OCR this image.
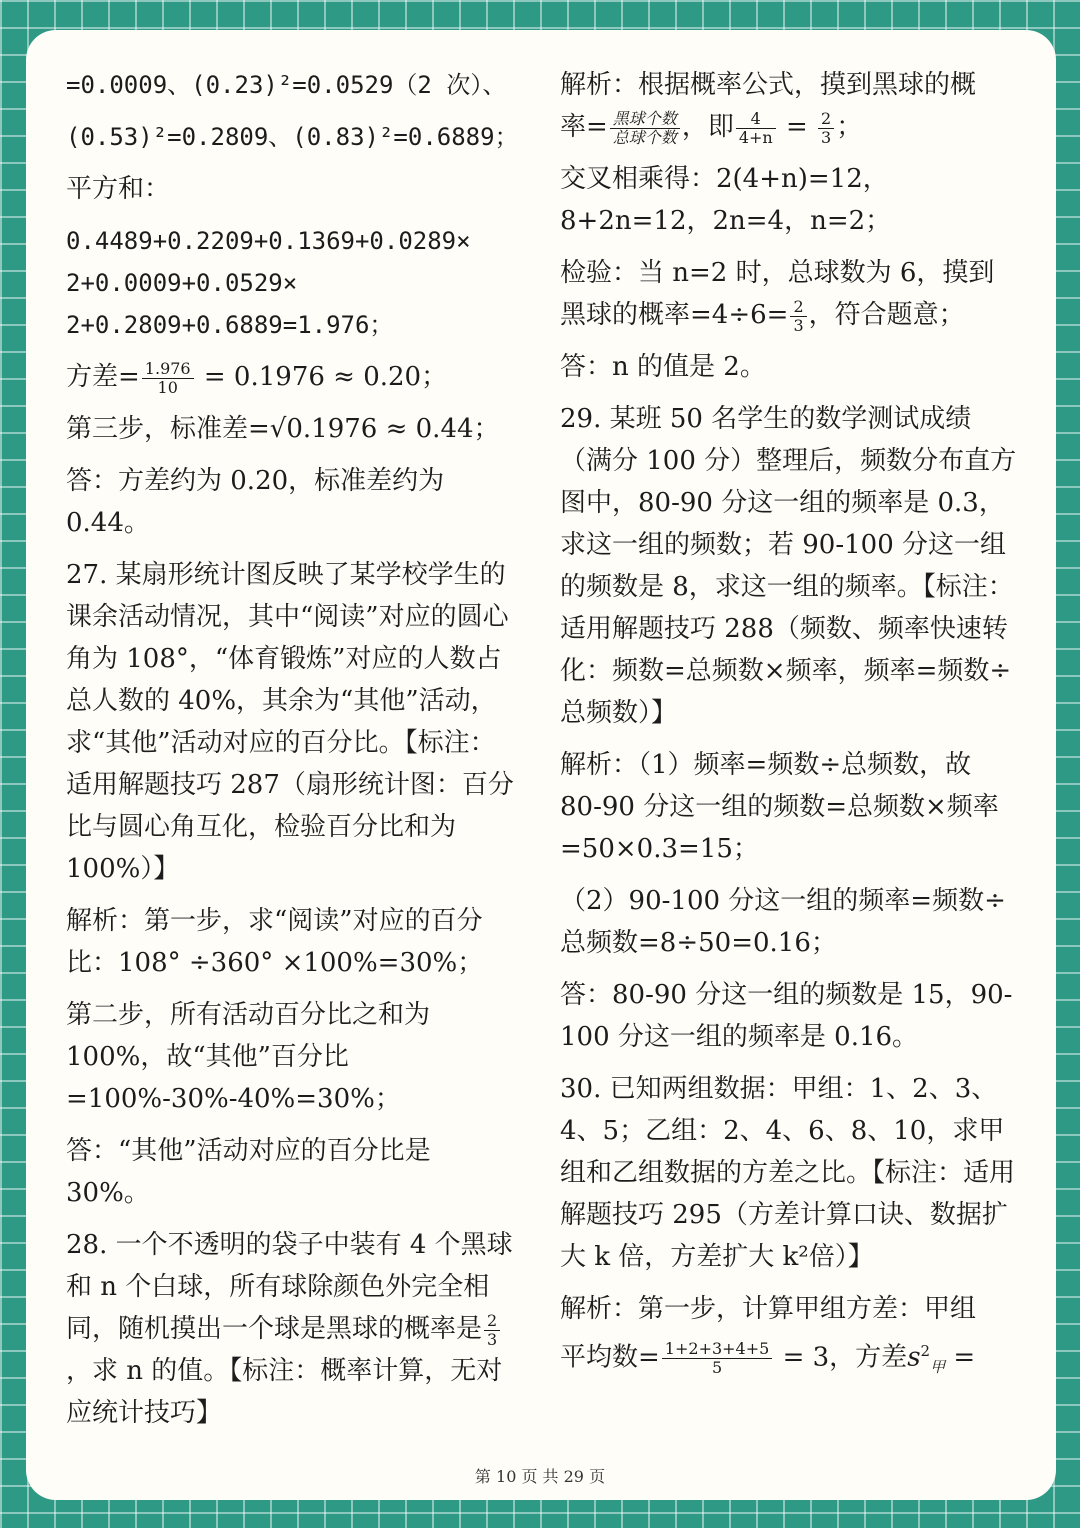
=0.0009、(0.23)²=0.0529（2 次）、

(0.53)²=0.2809、(0.83)²=0.6889；

平方和：

0.4489+0.2209+0.1369+0.0289×

2+0.0009+0.0529×

2+0.2809+0.6889=1.976；

方差= $\frac{1.976}{10} = 0.1976 \approx 0.20$；

第三步，标准差=√0.1976 ≈ 0.44；

答：方差约为 0.20，标准差约为 0.44。

27. 某扇形统计图反映了某学校学生的课余活动情况，其中“阅读”对应的圆心角为 108°，“体育锻炼”对应的人数占总人数的 40%，其余为“其他”活动，求“其他”活动对应的百分比。【标注：适用解题技巧 287（扇形统计图：百分比与圆心角互化，检验百分比和为 100%）】

解析：第一步，求“阅读”对应的百分比：108° ÷360° ×100%=30%；

第二步，所有活动百分比之和为 100%，故“其他”百分比=100%-30%-40%=30%；

答：“其他”活动对应的百分比是 30%。

28. 一个不透明的袋子中装有 4 个黑球和 n 个白球，所有球除颜色外完全相同，随机摸出一个球是黑球的概率是 $\frac{2}{3}$
，求 n 的值。【标注：概率计算，无对应统计技巧】

解析：根据概率公式，摸到黑球的概

率= $\frac{\text{黑球个数}}{\text{总球个数}}$ ，即 $\frac{4}{4+n} = \frac{2}{3}$ ；

交叉相乘得：2(4+n)=12，8+2n=12，2n=4，n=2；

检验：当 n=2 时，总球数为 6，摸到黑球的概率$=4\div 6= \frac{2}{3}$ ，符合题意；

答：n 的值是 2。

29. 某班 50 名学生的数学测试成绩（满分 100 分）整理后，频数分布直方图中，80-90 分这一组的频率是 0.3，求这一组的频数；若 90-100 分这一组的频数是 8，求这一组的频率。【标注：适用解题技巧 288（频数、频率快速转化：频数=总频数×频率，频率=频数÷总频数）】

解析：（1）频率=频数÷总频数，故 80-90 分这一组的频数=总频数×频率=50×0.3=15；

（2）90-100 分这一组的频率=频数÷总频数=8÷50=0.16；

答：80-90 分这一组的频数是 15，90-100 分这一组的频率是 0.16。

30. 已知两组数据：甲组：1、2、3、4、5；乙组：2、4、6、8、10，求甲组和乙组数据的方差之比。【标注：适用解题技巧 295（方差计算口诀、数据扩大 k 倍，方差扩大 k²倍）】

解析：第一步，计算甲组方差：甲组

平均数= $\frac{1+2+3+4+5}{5} = 3$，方差$s^2_甲$ =

第 10 页 共 29 页
